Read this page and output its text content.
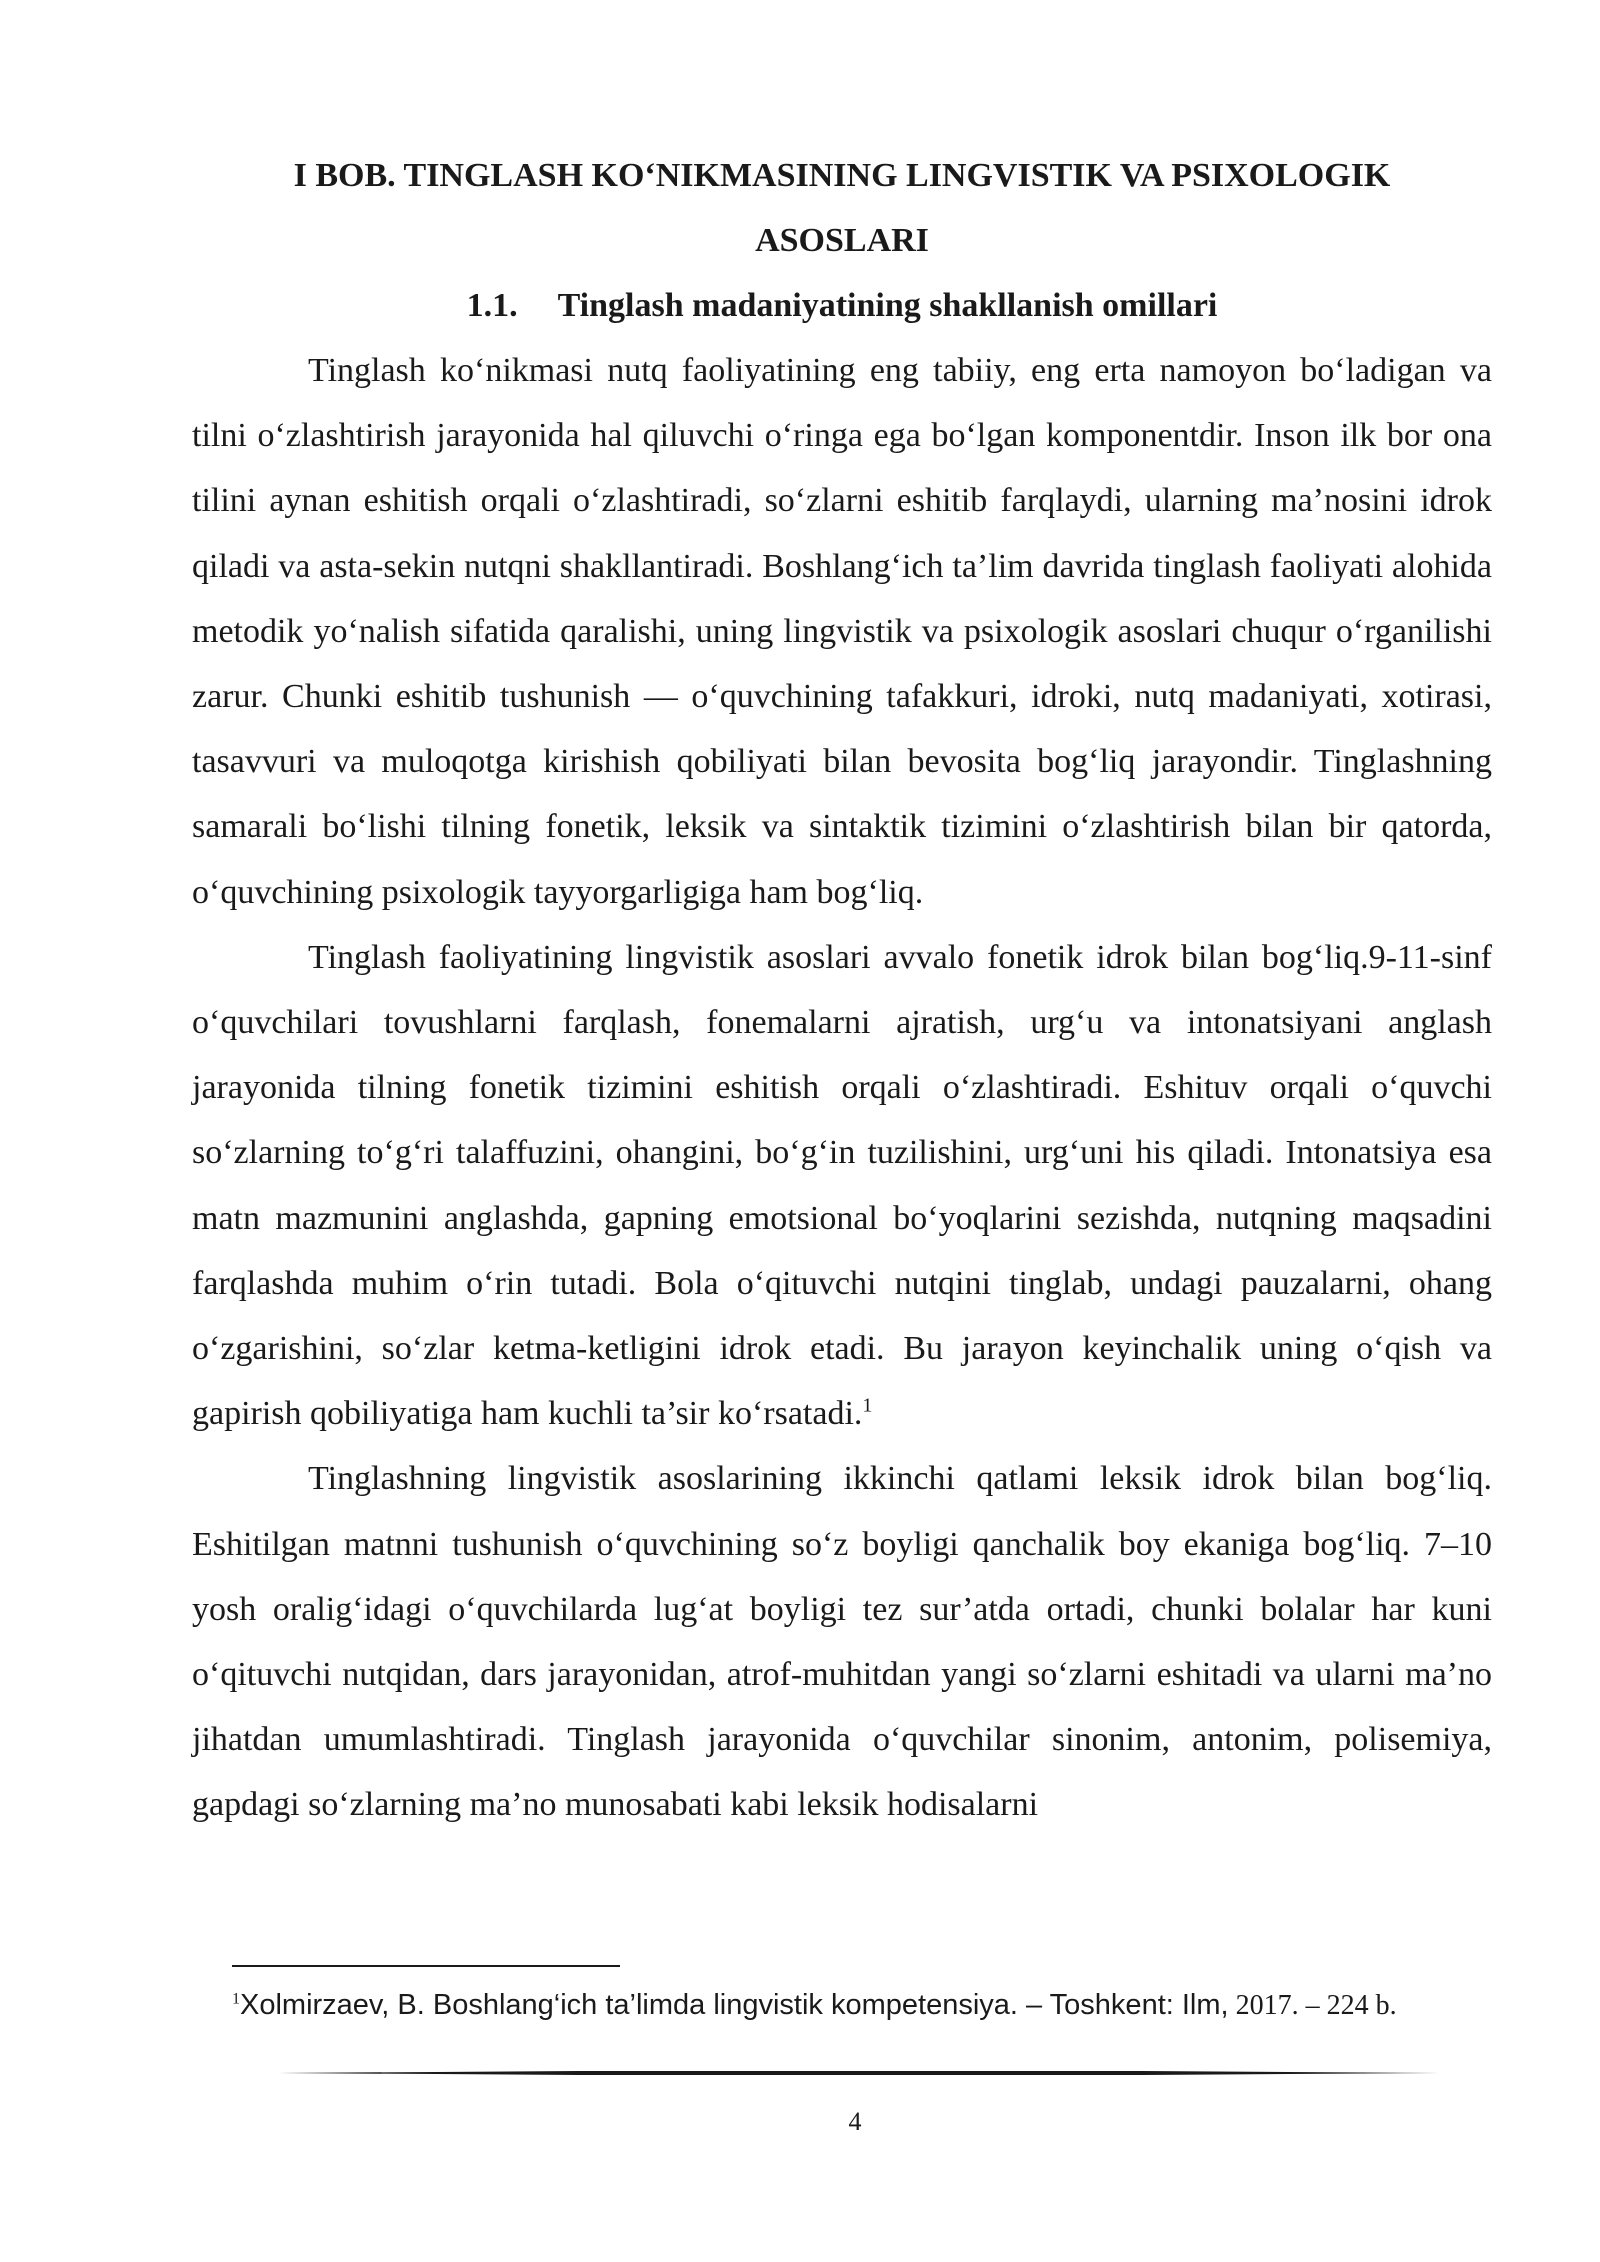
I BOB. TINGLASH KO‘NIKMASINING LINGVISTIK VA PSIXOLOGIK
ASOSLARI

1.1. Tinglash madaniyatining shakllanish omillari

Tinglash ko‘nikmasi nutq faoliyatining eng tabiiy, eng erta namoyon bo‘ladigan va tilni o‘zlashtirish jarayonida hal qiluvchi o‘ringa ega bo‘lgan komponentdir. Inson ilk bor ona tilini aynan eshitish orqali o‘zlashtiradi, so‘zlarni eshitib farqlaydi, ularning ma’nosini idrok qiladi va asta-sekin nutqni shakllantiradi. Boshlang‘ich ta’lim davrida tinglash faoliyati alohida metodik yo‘nalish sifatida qaralishi, uning lingvistik va psixologik asoslari chuqur o‘rganilishi zarur. Chunki eshitib tushunish — o‘quvchining tafakkuri, idroki, nutq madaniyati, xotirasi, tasavvuri va muloqotga kirishish qobiliyati bilan bevosita bog‘liq jarayondir. Tinglashning samarali bo‘lishi tilning fonetik, leksik va sintaktik tizimini o‘zlashtirish bilan bir qatorda, o‘quvchining psixologik tayyorgarligiga ham bog‘liq.

Tinglash faoliyatining lingvistik asoslari avvalo fonetik idrok bilan bog‘liq.9-11-sinf o‘quvchilari tovushlarni farqlash, fonemalarni ajratish, urg‘u va intonatsiyani anglash jarayonida tilning fonetik tizimini eshitish orqali o‘zlashtiradi. Eshituv orqali o‘quvchi so‘zlarning to‘g‘ri talaffuzini, ohangini, bo‘g‘in tuzilishini, urg‘uni his qiladi. Intonatsiya esa matn mazmunini anglashda, gapning emotsional bo‘yoqlarini sezishda, nutqning maqsadini farqlashda muhim o‘rin tutadi. Bola o‘qituvchi nutqini tinglab, undagi pauzalarni, ohang o‘zgarishini, so‘zlar ketma-ketligini idrok etadi. Bu jarayon keyinchalik uning o‘qish va gapirish qobiliyatiga ham kuchli ta’sir ko‘rsatadi.$^1$

Tinglashning lingvistik asoslarining ikkinchi qatlami leksik idrok bilan bog‘liq. Eshitilgan matnni tushunish o‘quvchining so‘z boyligi qanchalik boy ekaniga bog‘liq. 7–10 yosh oralig‘idagi o‘quvchilarda lug‘at boyligi tez sur’atda ortadi, chunki bolalar har kuni o‘qituvchi nutqidan, dars jarayonidan, atrof-muhitdan yangi so‘zlarni eshitadi va ularni ma’no jihatdan umumlashtiradi. Tinglash jarayonida o‘quvchilar sinonim, antonim, polisemiya, gapdagi so‘zlarning ma’no munosabati kabi leksik hodisalarni

$^1$Xolmirzaev, B. Boshlang‘ich ta’limda lingvistik kompetensiya. – Toshkent: Ilm, 2017. – 224 b.

4
